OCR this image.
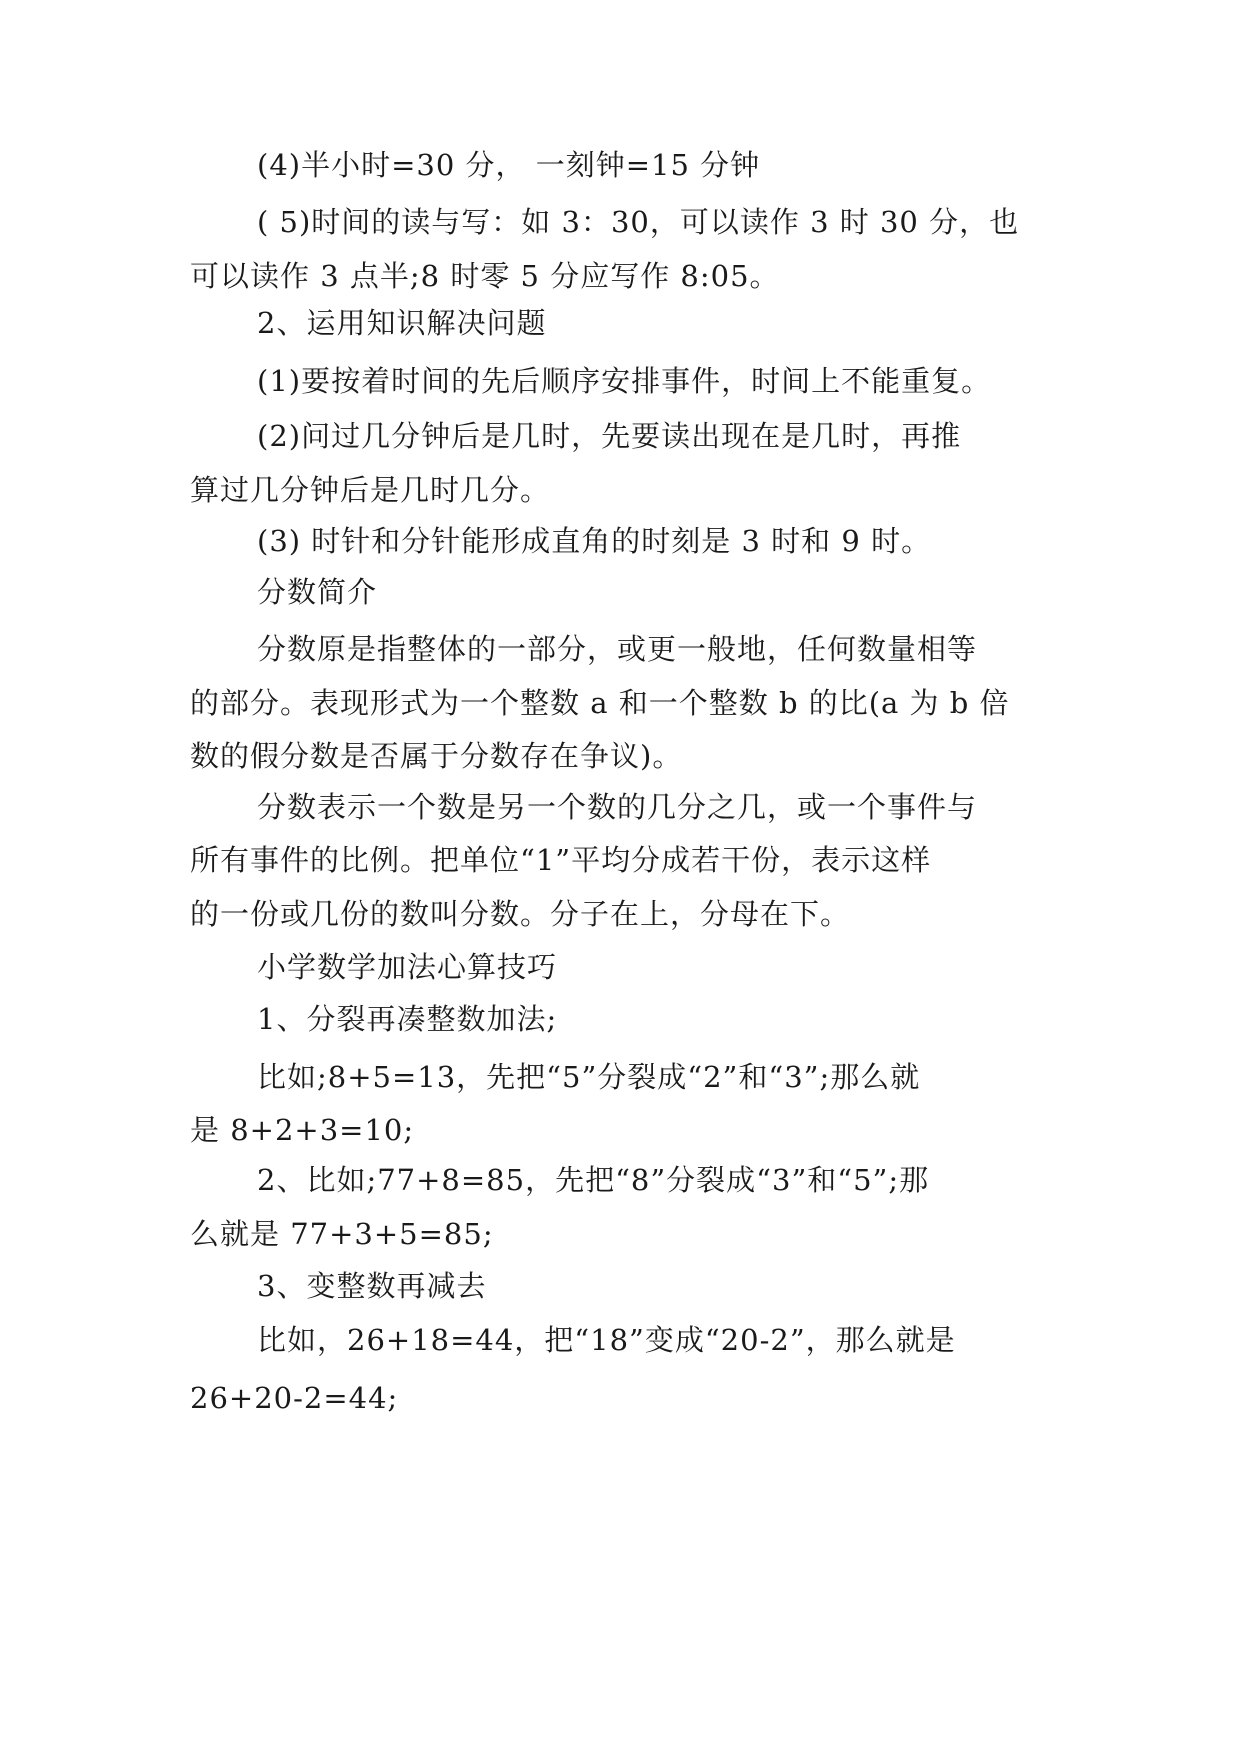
(4)半小时=30 分， 一刻钟=15 分钟
( 5)时间的读与写：如 3：30，可以读作 3 时 30 分，也
可以读作 3 点半;8 时零 5 分应写作 8:05。
2、运用知识解决问题
(1)要按着时间的先后顺序安排事件，时间上不能重复。
(2)问过几分钟后是几时，先要读出现在是几时，再推
算过几分钟后是几时几分。
(3) 时针和分针能形成直角的时刻是 3 时和 9 时。
分数简介
分数原是指整体的一部分，或更一般地，任何数量相等
的部分。表现形式为一个整数 a 和一个整数 b 的比(a 为 b 倍
数的假分数是否属于分数存在争议)。
分数表示一个数是另一个数的几分之几，或一个事件与
所有事件的比例。把单位“1”平均分成若干份，表示这样
的一份或几份的数叫分数。分子在上，分母在下。
小学数学加法心算技巧
1、分裂再凑整数加法;
比如;8+5=13，先把“5”分裂成“2”和“3”;那么就
是 8+2+3=10;
2、比如;77+8=85，先把“8”分裂成“3”和“5”;那
么就是 77+3+5=85;
3、变整数再减去
比如，26+18=44，把“18”变成“20-2”，那么就是
26+20-2=44;
